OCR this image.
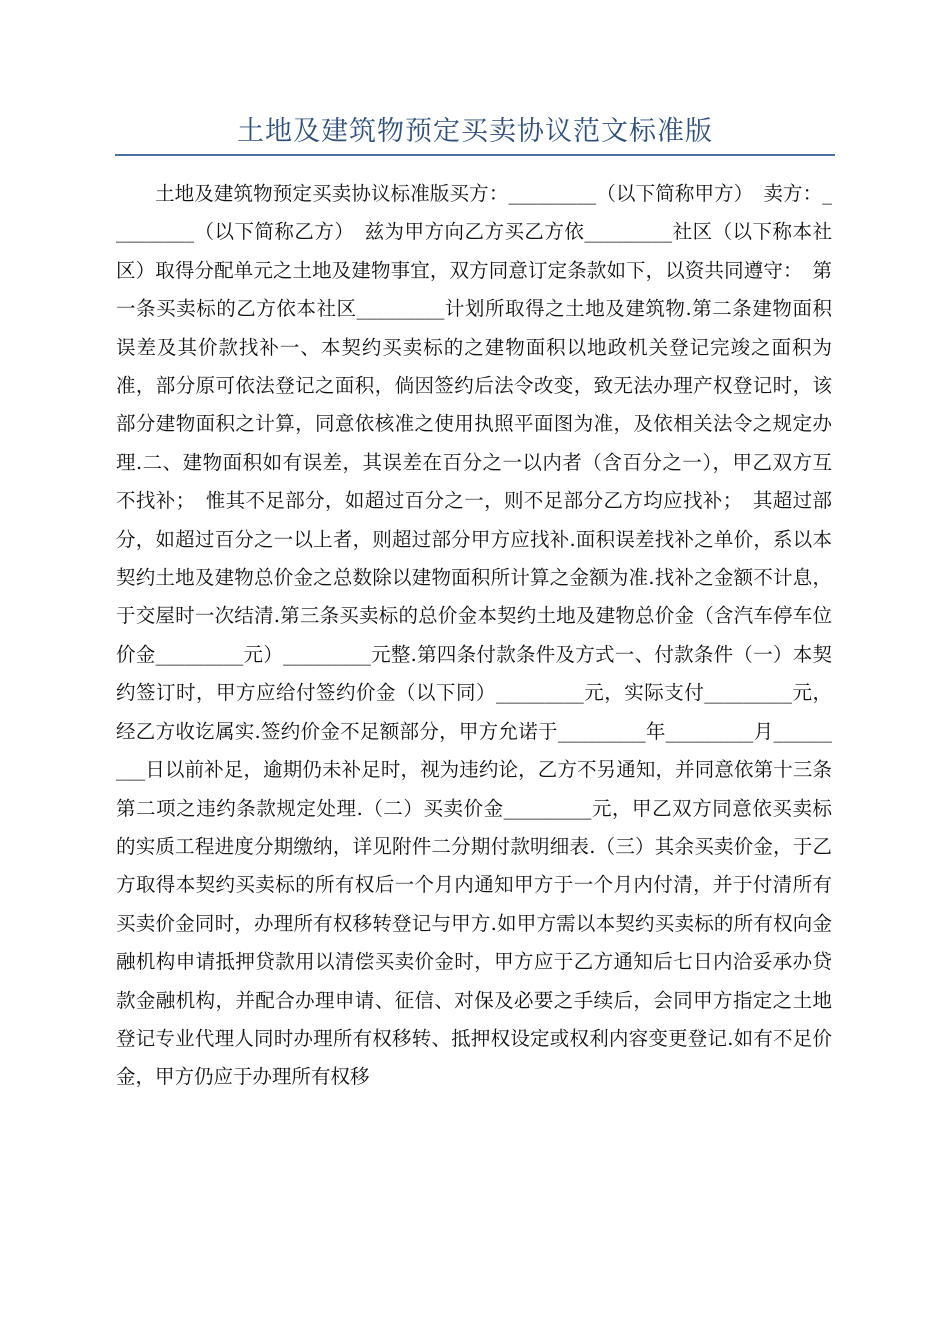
土地及建筑物预定买卖协议范文标准版

土地及建筑物预定买卖协议标准版买方：_________（以下简称甲方）　卖方：_________（以下简称乙方）　兹为甲方向乙方买乙方依_________社区（以下称本社区）取得分配单元之土地及建物事宜，双方同意订定条款如下，以资共同遵守：　第一条买卖标的乙方依本社区_________计划所取得之土地及建筑物.第二条建物面积误差及其价款找补一、本契约买卖标的之建物面积以地政机关登记完竣之面积为准，部分原可依法登记之面积，倘因签约后法令改变，致无法办理产权登记时，该部分建物面积之计算，同意依核准之使用执照平面图为准，及依相关法令之规定办理.二、建物面积如有误差，其误差在百分之一以内者（含百分之一），甲乙双方互不找补；　惟其不足部分，如超过百分之一，则不足部分乙方均应找补；　其超过部分，如超过百分之一以上者，则超过部分甲方应找补.面积误差找补之单价，系以本契约土地及建物总价金之总数除以建物面积所计算之金额为准.找补之金额不计息，于交屋时一次结清.第三条买卖标的总价金本契约土地及建物总价金（含汽车停车位价金_________元）_________元整.第四条付款条件及方式一、付款条件（一）本契约签订时，甲方应给付签约价金（以下同）_________元，实际支付_________元，经乙方收讫属实.签约价金不足额部分，甲方允诺于_________年_________月_________日以前补足，逾期仍未补足时，视为违约论，乙方不另通知，并同意依第十三条第二项之违约条款规定处理.（二）买卖价金_________元，甲乙双方同意依买卖标的实质工程进度分期缴纳，详见附件二分期付款明细表.（三）其余买卖价金，于乙方取得本契约买卖标的所有权后一个月内通知甲方于一个月内付清，并于付清所有买卖价金同时，办理所有权移转登记与甲方.如甲方需以本契约买卖标的所有权向金融机构申请抵押贷款用以清偿买卖价金时，甲方应于乙方通知后七日内洽妥承办贷款金融机构，并配合办理申请、征信、对保及必要之手续后，会同甲方指定之土地登记专业代理人同时办理所有权移转、抵押权设定或权利内容变更登记.如有不足价金，甲方仍应于办理所有权移
